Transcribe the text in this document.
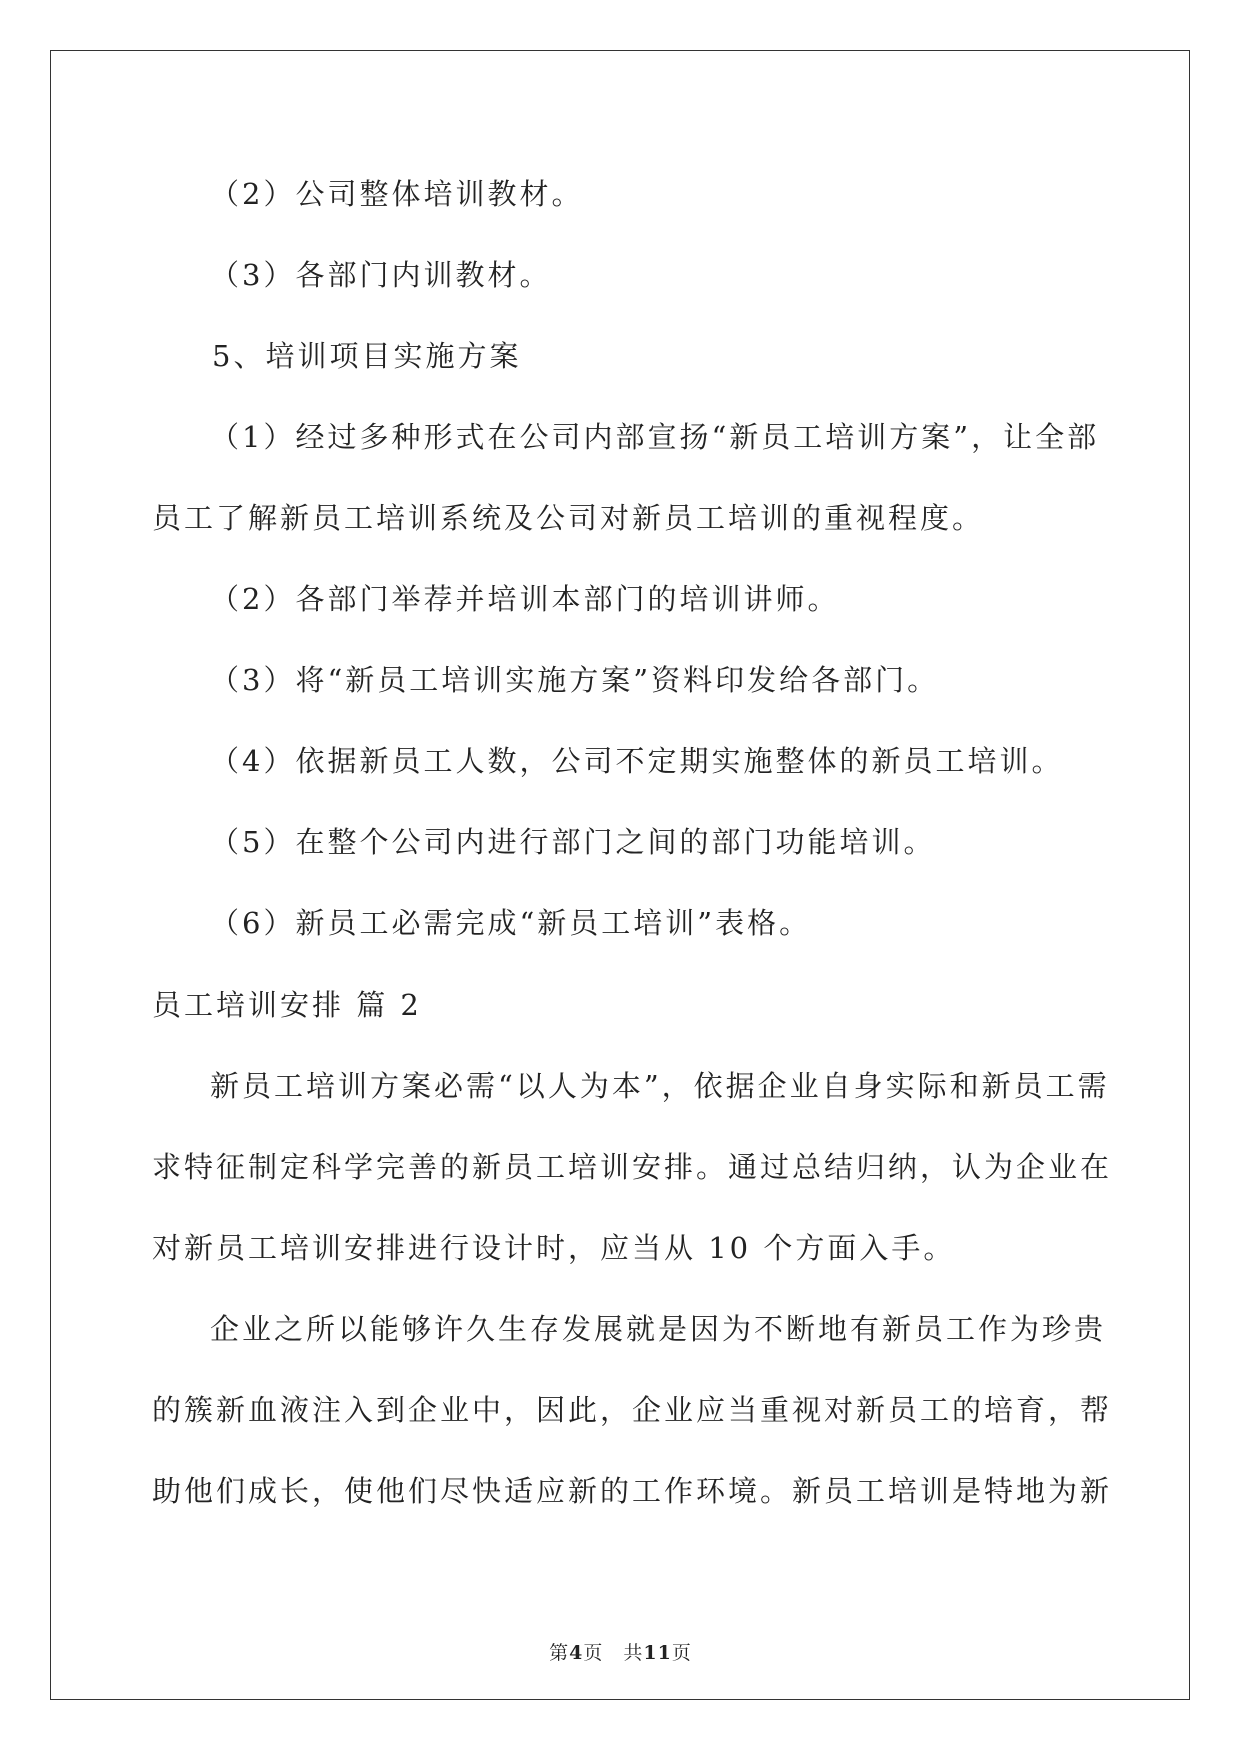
（2）公司整体培训教材。
（3）各部门内训教材。
5、培训项目实施方案
（1）经过多种形式在公司内部宣扬“新员工培训方案”，让全部
员工了解新员工培训系统及公司对新员工培训的重视程度。
（2）各部门举荐并培训本部门的培训讲师。
（3）将“新员工培训实施方案”资料印发给各部门。
（4）依据新员工人数，公司不定期实施整体的新员工培训。
（5）在整个公司内进行部门之间的部门功能培训。
（6）新员工必需完成“新员工培训”表格。
员工培训安排 篇 2
新员工培训方案必需“以人为本”，依据企业自身实际和新员工需
求特征制定科学完善的新员工培训安排。通过总结归纳，认为企业在
对新员工培训安排进行设计时，应当从 10 个方面入手。
企业之所以能够许久生存发展就是因为不断地有新员工作为珍贵
的簇新血液注入到企业中，因此，企业应当重视对新员工的培育，帮
助他们成长，使他们尽快适应新的工作环境。新员工培训是特地为新
第4页　共11页
